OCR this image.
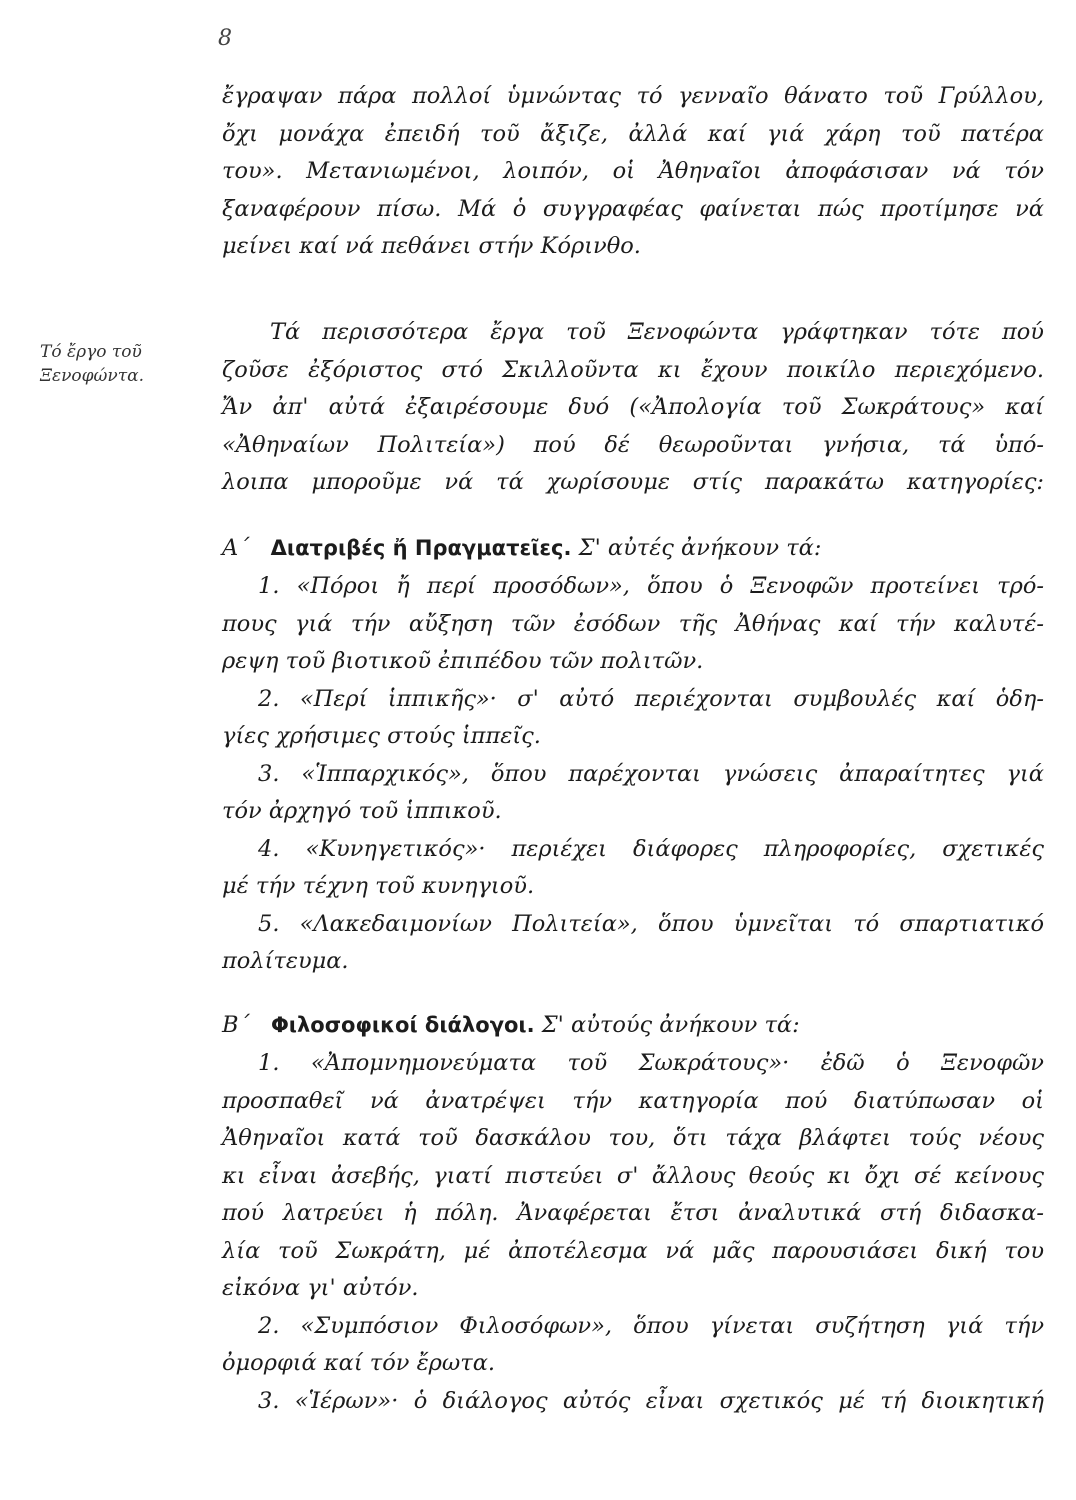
8
Τό ἔργο τοῦ
Ξενοφώντα.
ἔγραψαν πάρα πολλοί ὑμνώντας τό γενναῖο θάνατο τοῦ Γρύλλου,
ὄχι μονάχα ἐπειδή τοῦ ἄξιζε, ἀλλά καί γιά χάρη τοῦ πατέρα
του». Μετανιωμένοι, λοιπόν, οἱ Ἀθηναῖοι ἀποφάσισαν νά τόν
ξαναφέρουν πίσω. Μά ὁ συγγραφέας φαίνεται πώς προτίμησε νά
μείνει καί νά πεθάνει στήν Κόρινθο.
Τά περισσότερα ἔργα τοῦ Ξενοφώντα γράφτηκαν τότε πού
ζοῦσε ἐξόριστος στό Σκιλλοῦντα κι ἔχουν ποικίλο περιεχόμενο.
Ἄν ἀπ' αὐτά ἐξαιρέσουμε δυό («Ἀπολογία τοῦ Σωκράτους» καί
«Ἀθηναίων Πολιτεία») πού δέ θεωροῦνται γνήσια, τά ὑπό-
λοιπα μποροῦμε νά τά χωρίσουμε στίς παρακάτω κατηγορίες:
Α΄ Διατριβές ἤ Πραγματεῖες. Σ' αὐτές ἀνήκουν τά:
1. «Πόροι ἤ περί προσόδων», ὅπου ὁ Ξενοφῶν προτείνει τρό-
πους γιά τήν αὔξηση τῶν ἐσόδων τῆς Ἀθήνας καί τήν καλυτέ-
ρεψη τοῦ βιοτικοῦ ἐπιπέδου τῶν πολιτῶν.
2. «Περί ἱππικῆς»· σ' αὐτό περιέχονται συμβουλές καί ὁδη-
γίες χρήσιμες στούς ἱππεῖς.
3. «Ἱππαρχικός», ὅπου παρέχονται γνώσεις ἀπαραίτητες γιά
τόν ἀρχηγό τοῦ ἱππικοῦ.
4. «Κυνηγετικός»· περιέχει διάφορες πληροφορίες, σχετικές
μέ τήν τέχνη τοῦ κυνηγιοῦ.
5. «Λακεδαιμονίων Πολιτεία», ὅπου ὑμνεῖται τό σπαρτιατικό
πολίτευμα.
Β΄ Φιλοσοφικοί διάλογοι. Σ' αὐτούς ἀνήκουν τά:
1. «Ἀπομνημονεύματα τοῦ Σωκράτους»· ἐδῶ ὁ Ξενοφῶν
προσπαθεῖ νά ἀνατρέψει τήν κατηγορία πού διατύπωσαν οἱ
Ἀθηναῖοι κατά τοῦ δασκάλου του, ὅτι τάχα βλάφτει τούς νέους
κι εἶναι ἀσεβής, γιατί πιστεύει σ' ἄλλους θεούς κι ὄχι σέ κείνους
πού λατρεύει ἡ πόλη. Ἀναφέρεται ἔτσι ἀναλυτικά στή διδασκα-
λία τοῦ Σωκράτη, μέ ἀποτέλεσμα νά μᾶς παρουσιάσει δική του
εἰκόνα γι' αὐτόν.
2. «Συμπόσιον Φιλοσόφων», ὅπου γίνεται συζήτηση γιά τήν
ὀμορφιά καί τόν ἔρωτα.
3. «Ἱέρων»· ὁ διάλογος αὐτός εἶναι σχετικός μέ τή διοικητική
